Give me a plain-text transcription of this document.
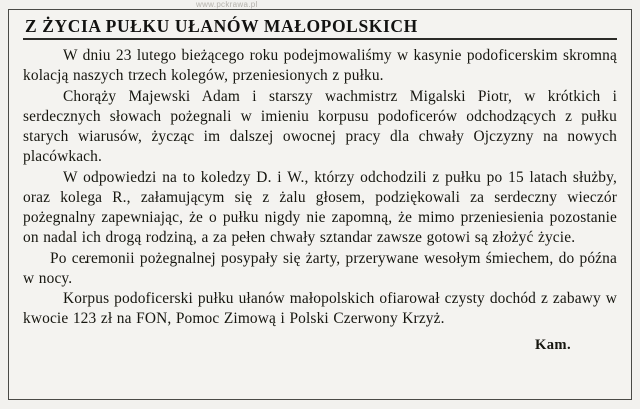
www.pckrawa.pl
Z ŻYCIA PUŁKU UŁANÓW MAŁOPOLSKICH

W dniu 23 lutego bieżącego roku podejmowaliśmy w kasynie podoficerskim skromną kolacją naszych trzech kolegów, przeniesionych z pułku.

Chorąży Majewski Adam i starszy wachmistrz Migalski Piotr, w krótkich i serdecznych słowach pożegnali w imieniu korpusu podoficerów odchodzących z pułku starych wiarusów, życząc im dalszej owocnej pracy dla chwały Ojczyzny na nowych placówkach.

W odpowiedzi na to koledzy D. i W., którzy odchodzili z pułku po 15 latach służby, oraz kolega R., załamującym się z żalu głosem, podziękowali za serdeczny wieczór pożegnalny zapewniając, że o pułku nigdy nie zapomną, że mimo przeniesienia pozostanie on nadal ich drogą rodziną, a za pełen chwały sztandar zawsze gotowi są złożyć życie.

. Po ceremonii pożegnalnej posypały się żarty, przerywane wesołym śmiechem, do późna w nocy.

Korpus podoficerski pułku ułanów małopolskich ofiarował czysty dochód z zabawy w kwocie 123 zł na FON, Pomoc Zimową i Polski Czerwony Krzyż.

Kam.
